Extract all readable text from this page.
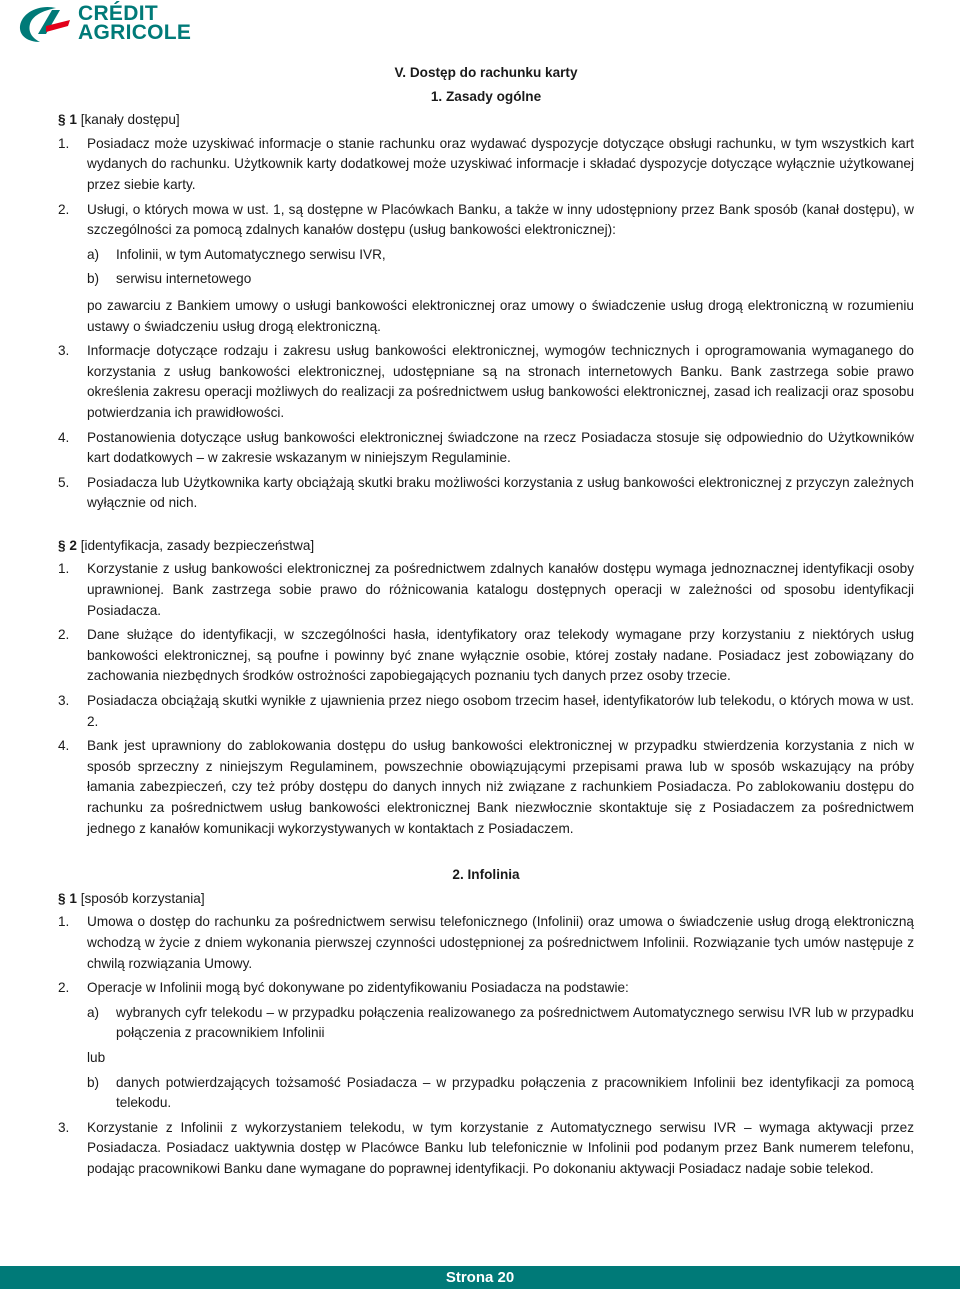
CRÉDIT
AGRICOLE

V. Dostęp do rachunku karty

1. Zasady ogólne

§ 1 [kanały dostępu]

1.	Posiadacz może uzyskiwać informacje o stanie rachunku oraz wydawać dyspozycje dotyczące obsługi rachunku, w tym wszystkich kart wydanych do rachunku. Użytkownik karty dodatkowej może uzyskiwać informacje i składać dyspozycje dotyczące wyłącznie użytkowanej przez siebie karty.
2.	Usługi, o których mowa w ust. 1, są dostępne w Placówkach Banku, a także w inny udostępniony przez Bank sposób (kanał dostępu), w szczególności za pomocą zdalnych kanałów dostępu (usług bankowości elektronicznej):
a)	Infolinii, w tym Automatycznego serwisu IVR,
b)	serwisu internetowego

po zawarciu z Bankiem umowy o usługi bankowości elektronicznej oraz umowy o świadczenie usług drogą elektroniczną w rozumieniu ustawy o świadczeniu usług drogą elektroniczną.

3.	Informacje dotyczące rodzaju i zakresu usług bankowości elektronicznej, wymogów technicznych i oprogramowania wymaganego do korzystania z usług bankowości elektronicznej, udostępniane są na stronach internetowych Banku. Bank zastrzega sobie prawo określenia zakresu operacji możliwych do realizacji za pośrednictwem usług bankowości elektronicznej, zasad ich realizacji oraz sposobu potwierdzania ich prawidłowości.
4.	Postanowienia dotyczące usług bankowości elektronicznej świadczone na rzecz Posiadacza stosuje się odpowiednio do Użytkowników kart dodatkowych – w zakresie wskazanym w niniejszym Regulaminie.
5.	Posiadacza lub Użytkownika karty obciążają skutki braku możliwości korzystania z usług bankowości elektronicznej z przyczyn zależnych wyłącznie od nich.

§ 2 [identyfikacja, zasady bezpieczeństwa]

1.	Korzystanie z usług bankowości elektronicznej za pośrednictwem zdalnych kanałów dostępu wymaga jednoznacznej identyfikacji osoby uprawnionej. Bank zastrzega sobie prawo do różnicowania katalogu dostępnych operacji w zależności od sposobu identyfikacji Posiadacza.
2.	Dane służące do identyfikacji, w szczególności hasła, identyfikatory oraz telekody wymagane przy korzystaniu z niektórych usług bankowości elektronicznej, są poufne i powinny być znane wyłącznie osobie, której zostały nadane. Posiadacz jest zobowiązany do zachowania niezbędnych środków ostrożności zapobiegających poznaniu tych danych przez osoby trzecie.
3.	Posiadacza obciążają skutki wynikłe z ujawnienia przez niego osobom trzecim haseł, identyfikatorów lub telekodu, o których mowa w ust. 2.
4.	Bank jest uprawniony do zablokowania dostępu do usług bankowości elektronicznej w przypadku stwierdzenia korzystania z nich w sposób sprzeczny z niniejszym Regulaminem, powszechnie obowiązującymi przepisami prawa lub w sposób wskazujący na próby łamania zabezpieczeń, czy też próby dostępu do danych innych niż związane z rachunkiem Posiadacza. Po zablokowaniu dostępu do rachunku za pośrednictwem usług bankowości elektronicznej Bank niezwłocznie skontaktuje się z Posiadaczem za pośrednictwem jednego z kanałów komunikacji wykorzystywanych w kontaktach z Posiadaczem.

2. Infolinia

§ 1 [sposób korzystania]

1.	Umowa o dostęp do rachunku za pośrednictwem serwisu telefonicznego (Infolinii) oraz umowa o świadczenie usług drogą elektroniczną wchodzą w życie z dniem wykonania pierwszej czynności udostępnionej za pośrednictwem Infolinii. Rozwiązanie tych umów następuje z chwilą rozwiązania Umowy.
2.	Operacje w Infolinii mogą być dokonywane po zidentyfikowaniu Posiadacza na podstawie:
a)	wybranych cyfr telekodu – w przypadku połączenia realizowanego za pośrednictwem Automatycznego serwisu IVR lub w przypadku połączenia z pracownikiem Infolinii

lub

b)	danych potwierdzających tożsamość Posiadacza – w przypadku połączenia z pracownikiem Infolinii bez identyfikacji za pomocą telekodu.
3.	Korzystanie z Infolinii z wykorzystaniem telekodu, w tym korzystanie z Automatycznego serwisu IVR – wymaga aktywacji przez Posiadacza. Posiadacz uaktywnia dostęp w Placówce Banku lub telefonicznie w Infolinii pod podanym przez Bank numerem telefonu, podając pracownikowi Banku dane wymagane do poprawnej identyfikacji. Po dokonaniu aktywacji Posiadacz nadaje sobie telekod.
Strona 20
